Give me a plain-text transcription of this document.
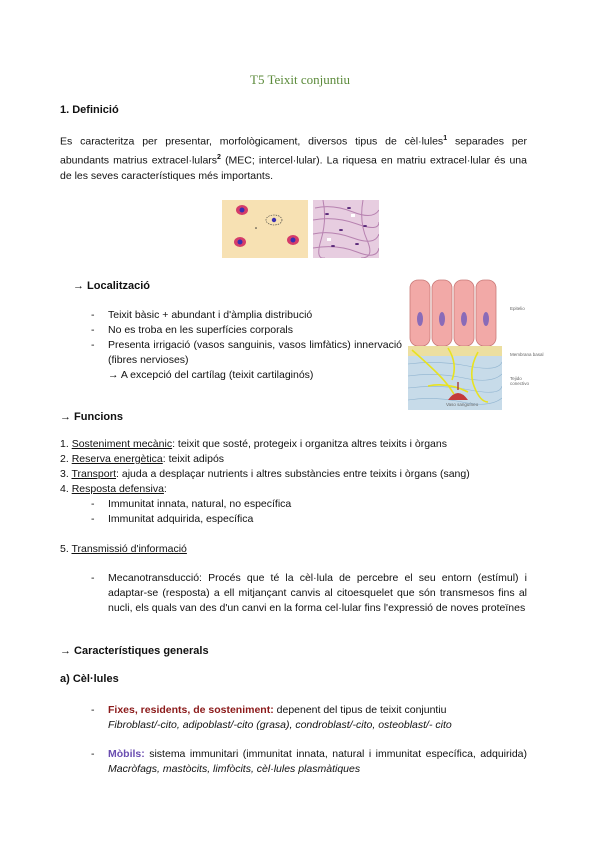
T5 Teixit conjuntiu
1. Definició
Es caracteritza per presentar, morfològicament, diversos tipus de cèl·lules$^1$ separades per abundants matrius extracel·lulars$^2$ (MEC; intercel·lular). La riquesa en matriu extracel·lular és una de les seves característiques més importants.
→ Localització
- Teixit bàsic + abundant i d'àmplia distribució
- No es troba en les superfícies corporals
- Presenta irrigació (vasos sanguinis, vasos limfàtics) innervació (fibres nervioses)
→ A excepció del cartílag (teixit cartilaginós)
Epitelio
Membrana basal
Tejido conectivo
Vaso sanguíneo
→ Funcions
1. Sosteniment mecànic: teixit que sosté, protegeix i organitza altres teixits i òrgans
2. Reserva energètica: teixit adipós
3. Transport: ajuda a desplaçar nutrients i altres substàncies entre teixits i òrgans (sang)
4. Resposta defensiva:
- Immunitat innata, natural, no específica
- Immunitat adquirida, específica
5. Transmissió d'informació
- Mecanotransducció: Procés que té la cèl·lula de percebre el seu entorn (estímul) i adaptar-se (resposta) a ell mitjançant canvis al citoesquelet que són transmesos fins al nucli, els quals van des d'un canvi en la forma cel·lular fins l'expressió de noves proteïnes
→ Característiques generals
a) Cèl·lules
- Fixes, residents, de sosteniment: depenent del tipus de teixit conjuntiu
Fibroblast/-cito, adipoblast/-cito (grasa), condroblast/-cito, osteoblast/- cito
- Mòbils: sistema immunitari (immunitat innata, natural i immunitat específica, adquirida) Macròfags, mastòcits, limfòcits, cèl·lules plasmàtiques
